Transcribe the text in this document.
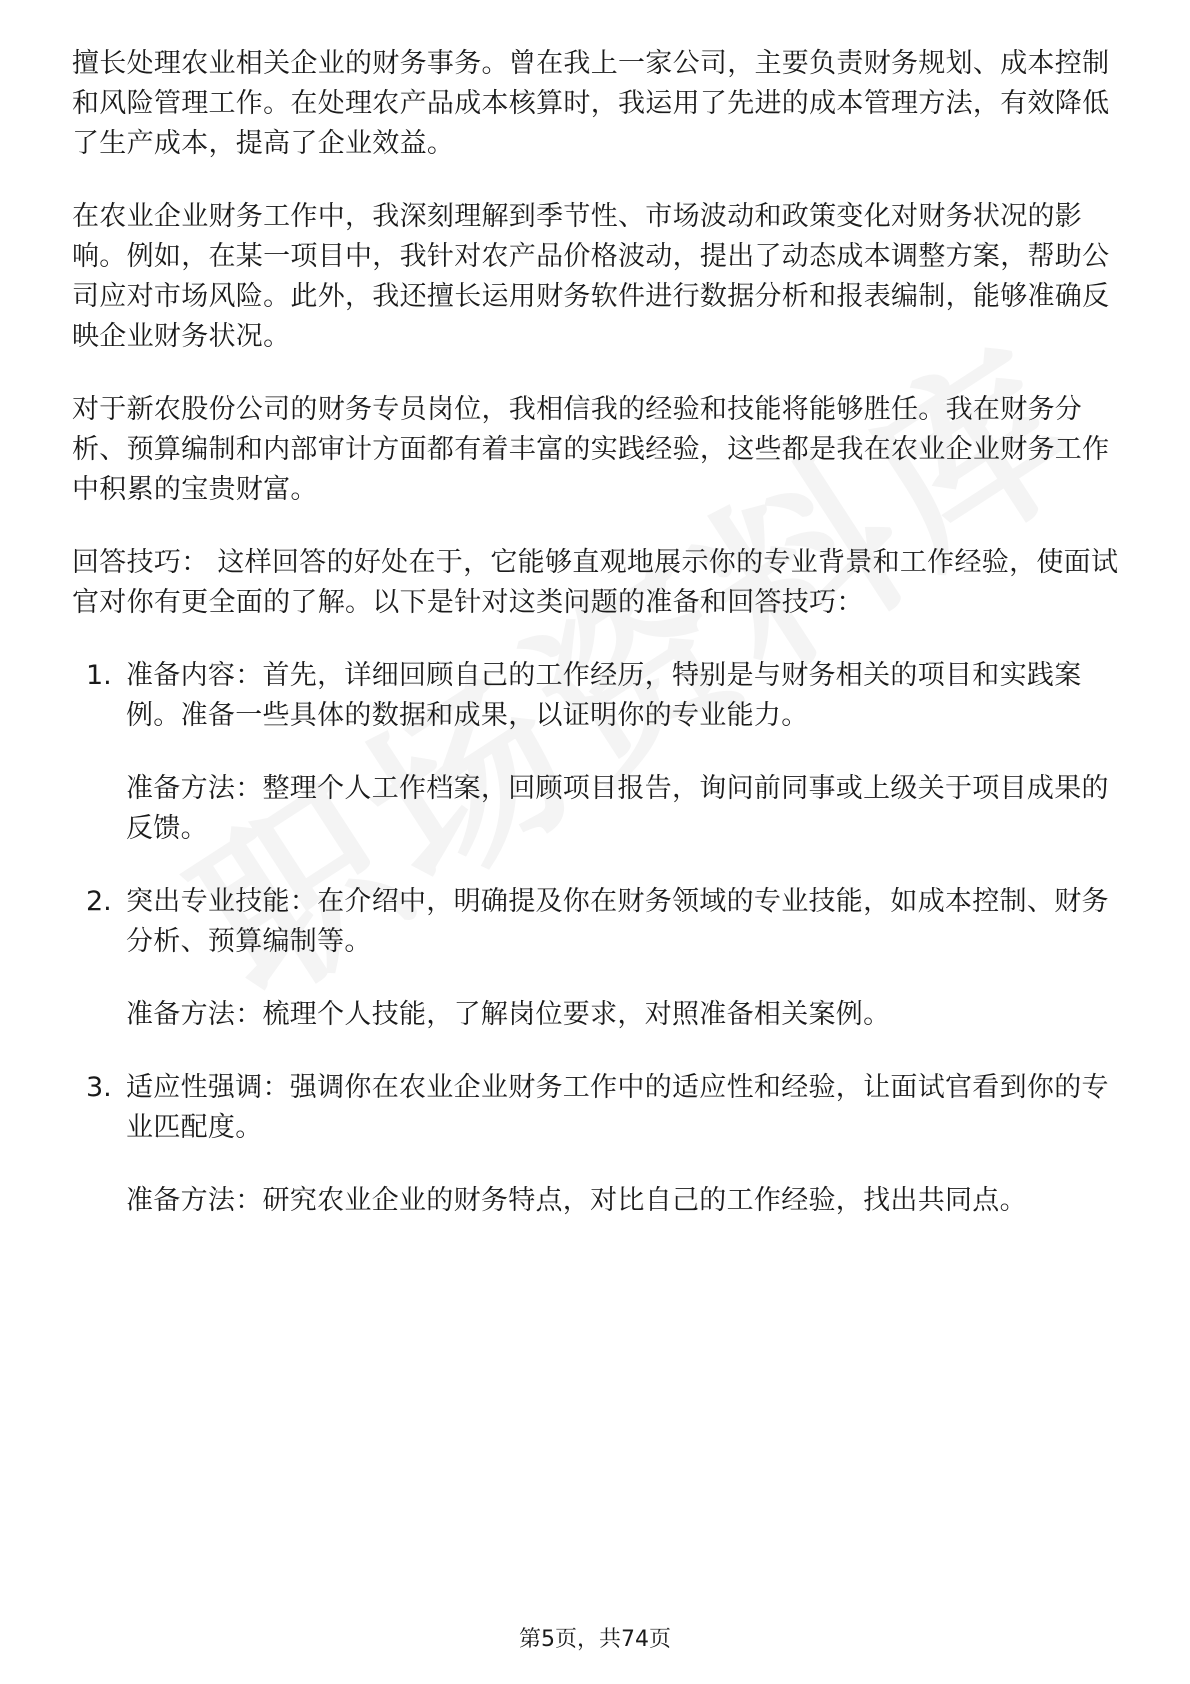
擅长处理农业相关企业的财务事务。曾在我上一家公司，主要负责财务规划、成本控制和风险管理工作。在处理农产品成本核算时，我运用了先进的成本管理方法，有效降低了生产成本，提高了企业效益。

在农业企业财务工作中，我深刻理解到季节性、市场波动和政策变化对财务状况的影响。例如，在某一项目中，我针对农产品价格波动，提出了动态成本调整方案，帮助公司应对市场风险。此外，我还擅长运用财务软件进行数据分析和报表编制，能够准确反映企业财务状况。

对于新农股份公司的财务专员岗位，我相信我的经验和技能将能够胜任。我在财务分析、预算编制和内部审计方面都有着丰富的实践经验，这些都是我在农业企业财务工作中积累的宝贵财富。

回答技巧： 这样回答的好处在于，它能够直观地展示你的专业背景和工作经验，使面试官对你有更全面的了解。以下是针对这类问题的准备和回答技巧：

1. 准备内容：首先，详细回顾自己的工作经历，特别是与财务相关的项目和实践案例。准备一些具体的数据和成果，以证明你的专业能力。

准备方法：整理个人工作档案，回顾项目报告，询问前同事或上级关于项目成果的反馈。

2. 突出专业技能：在介绍中，明确提及你在财务领域的专业技能，如成本控制、财务分析、预算编制等。

准备方法：梳理个人技能，了解岗位要求，对照准备相关案例。

3. 适应性强调：强调你在农业企业财务工作中的适应性和经验，让面试官看到你的专业匹配度。

准备方法：研究农业企业的财务特点，对比自己的工作经验，找出共同点。

第5页，共74页
